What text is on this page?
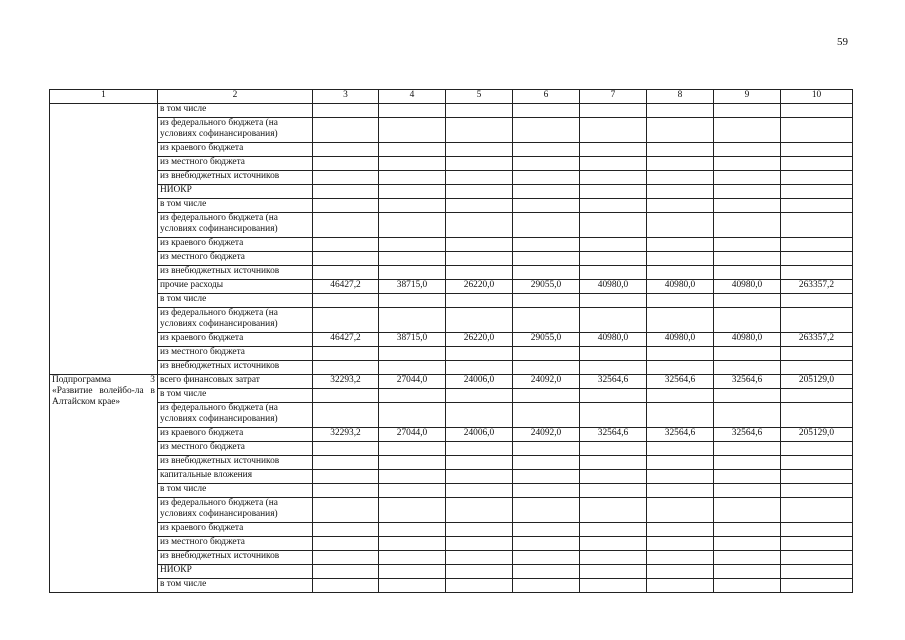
59
1	2	3	4	5	6	7	8	9	10
	в том числе								
	из федерального бюджета (на условиях софинансирования)								
	из краевого бюджета								
	из местного бюджета								
	из внебюджетных источников								
	НИОКР								
	в том числе								
	из федерального бюджета (на условиях софинансирования)								
	из краевого бюджета								
	из местного бюджета								
	из внебюджетных источников								
	прочие расходы	46427,2	38715,0	26220,0	29055,0	40980,0	40980,0	40980,0	263357,2
	в том числе								
	из федерального бюджета (на условиях софинансирования)								
	из краевого бюджета	46427,2	38715,0	26220,0	29055,0	40980,0	40980,0	40980,0	263357,2
	из местного бюджета								
	из внебюджетных источников								
Подпрограмма 3 «Развитие волейбо-ла в Алтайском крае»	всего финансовых затрат	32293,2	27044,0	24006,0	24092,0	32564,6	32564,6	32564,6	205129,0
	в том числе								
	из федерального бюджета (на условиях софинансирования)								
	из краевого бюджета	32293,2	27044,0	24006,0	24092,0	32564,6	32564,6	32564,6	205129,0
	из местного бюджета								
	из внебюджетных источников								
	капитальные вложения								
	в том числе								
	из федерального бюджета (на условиях софинансирования)								
	из краевого бюджета								
	из местного бюджета								
	из внебюджетных источников								
	НИОКР								
	в том числе								
